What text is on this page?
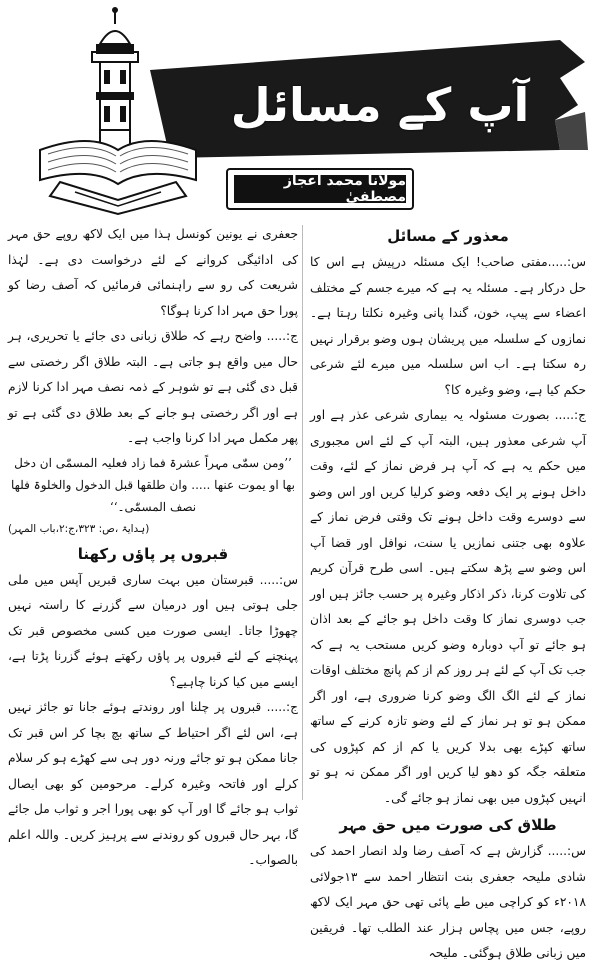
آپ کے مسائل
مولانا محمد اعجاز مصطفیٰ

معذور کے مسائل

س:.....مفتی صاحب! ایک مسئلہ درپیش ہے اس کا حل درکار ہے۔ مسئلہ یہ ہے کہ میرے جسم کے مختلف اعضاء سے پیپ، خون، گندا پانی وغیرہ نکلتا رہتا ہے۔ نمازوں کے سلسلہ میں پریشان ہوں وضو برقرار نہیں رہ سکتا ہے۔ اب اس سلسلہ میں میرے لئے شرعی حکم کیا ہے، وضو وغیرہ کا؟

ج:..... بصورت مسئولہ یہ بیماری شرعی عذر ہے اور آپ شرعی معذور ہیں، البتہ آپ کے لئے اس مجبوری میں حکم یہ ہے کہ آپ ہر فرض نماز کے لئے، وقت داخل ہونے پر ایک دفعہ وضو کرلیا کریں اور اس وضو سے دوسرے وقت داخل ہونے تک وقتی فرض نماز کے علاوہ بھی جتنی نمازیں یا سنت، نوافل اور قضا آپ اس وضو سے پڑھ سکتے ہیں۔ اسی طرح قرآن کریم کی تلاوت کرنا، ذکر اذکار وغیرہ پر حسب جائز ہیں اور جب دوسری نماز کا وقت داخل ہو جائے کے بعد اذان ہو جائے تو آپ دوبارہ وضو کریں مستحب یہ ہے کہ جب تک آپ کے لئے ہر روز کم از کم پانچ مختلف اوقات نماز کے لئے الگ الگ وضو کرنا ضروری ہے، اور اگر ممکن ہو تو ہر نماز کے لئے وضو تازہ کرنے کے ساتھ ساتھ کپڑے بھی بدلا کریں یا کم از کم کپڑوں کی متعلقہ جگہ کو دھو لیا کریں اور اگر ممکن نہ ہو تو انہیں کپڑوں میں بھی نماز ہو جائے گی۔

طلاق کی صورت میں حق مہر

س:..... گزارش ہے کہ آصف رضا ولد انصار احمد کی شادی ملیحہ جعفری بنت انتظار احمد سے ۱۳جولائی ۲۰۱۸ء کو کراچی میں طے پائی تھی حق مہر ایک لاکھ روپے، جس میں پچاس ہزار عند الطلب تھا۔ فریقین میں زبانی طلاق ہوگئی۔ ملیحہ

جعفری نے یونین کونسل ہذا میں ایک لاکھ روپے حق مہر کی ادائیگی کروانے کے لئے درخواست دی ہے۔ لہٰذا شریعت کی رو سے راہنمائی فرمائیں کہ آصف رضا کو پورا حق مہر ادا کرنا ہوگا؟

ج:..... واضح رہے کہ طلاق زبانی دی جائے یا تحریری، ہر حال میں واقع ہو جاتی ہے۔ البتہ طلاق اگر رخصتی سے قبل دی گئی ہے تو شوہر کے ذمہ نصف مہر ادا کرنا لازم ہے اور اگر رخصتی ہو جانے کے بعد طلاق دی گئی ہے تو پھر مکمل مہر ادا کرنا واجب ہے۔

’’ومن سمّٰی مہراً عشرۃ فما زاد فعلیہ المسمّٰی ان دخل بھا او یموت عنھا ..... وان طلقھا قبل الدخول والخلوۃ فلھا نصف المسمّٰی۔‘‘

(ہدایۃ ،ص: ۳۲۳،ج:۲،باب المہر)

قبروں پر پاؤں رکھنا

س:..... قبرستان میں بہت ساری قبریں آپس میں ملی جلی ہوتی ہیں اور درمیان سے گزرنے کا راستہ نہیں چھوڑا جاتا۔ ایسی صورت میں کسی مخصوص قبر تک پہنچنے کے لئے قبروں پر پاؤں رکھتے ہوئے گزرنا پڑتا ہے، ایسے میں کیا کرنا چاہیے؟

ج:..... قبروں پر چلنا اور روندتے ہوئے جانا تو جائز نہیں ہے، اس لئے اگر احتیاط کے ساتھ بچ بچا کر اس قبر تک جانا ممکن ہو تو جائے ورنہ دور ہی سے کھڑے ہو کر سلام کرلے اور فاتحہ وغیرہ کرلے۔ مرحومین کو بھی ایصال ثواب ہو جائے گا اور آپ کو بھی پورا اجر و ثواب مل جائے گا، بہر حال قبروں کو روندنے سے پرہیز کریں۔ واللہ اعلم بالصواب۔
